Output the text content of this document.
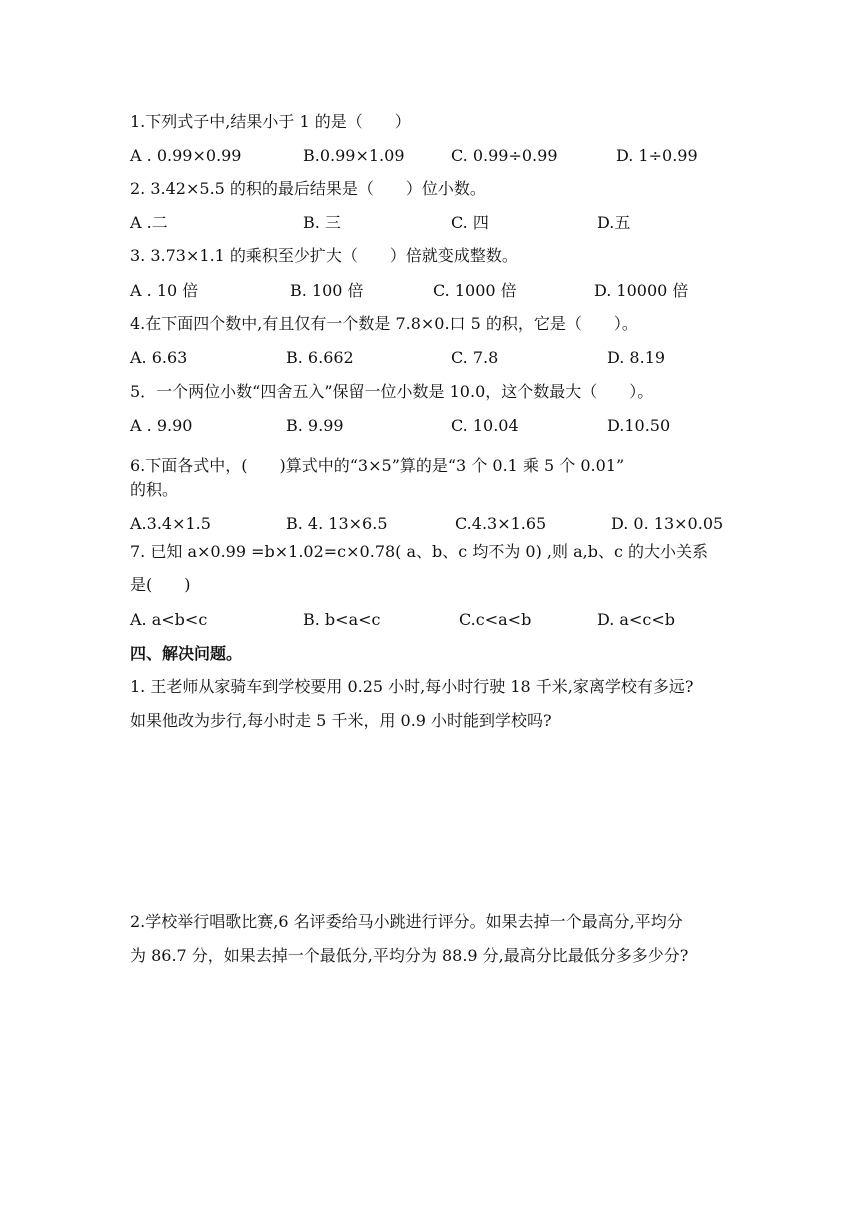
1.下列式子中,结果小于 1 的是（　　）
A . 0.99×0.99	B.0.99×1.09	C. 0.99÷0.99	D. 1÷0.99
2. 3.42×5.5 的积的最后结果是（　　）位小数。
A .二	B. 三	C. 四	D.五
3. 3.73×1.1 的乘积至少扩大（　　）倍就变成整数。
A . 10 倍	B. 100 倍	C. 1000 倍	D. 10000 倍
4.在下面四个数中,有且仅有一个数是 7.8×0.口 5 的积，它是（　　）。
A. 6.63	B. 6.662	C. 7.8	D. 8.19
5．一个两位小数“四舍五入”保留一位小数是 10.0，这个数最大（　　）。
A . 9.90	B. 9.99	C. 10.04	D.10.50
6.下面各式中，(　　)算式中的“3×5”算的是“3 个 0.1 乘 5 个 0.01”
的积。
A.3.4×1.5	B. 4. 13×6.5	C.4.3×1.65	D. 0. 13×0.05
7. 已知 a×0.99 =b×1.02=c×0.78( a、b、c 均不为 0) ,则 a,b、c 的大小关系
是(　　)
A. a<b<c	B. b<a<c	C.c<a<b	D. a<c<b
四、解决问题。
1. 王老师从家骑车到学校要用 0.25 小时,每小时行驶 18 千米,家离学校有多远?
如果他改为步行,每小时走 5 千米，用 0.9 小时能到学校吗?
2.学校举行唱歌比赛,6 名评委给马小跳进行评分。如果去掉一个最高分,平均分
为 86.7 分，如果去掉一个最低分,平均分为 88.9 分,最高分比最低分多多少分?
